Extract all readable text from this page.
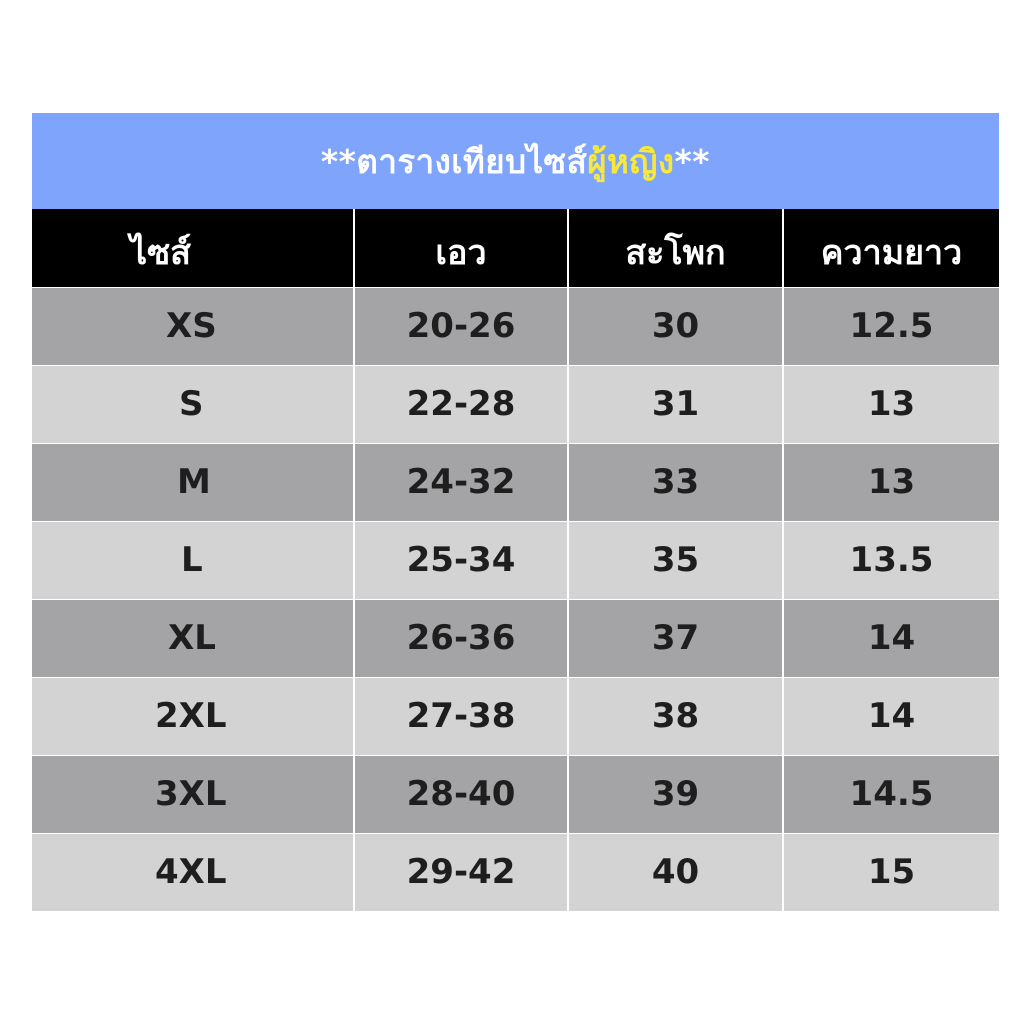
**ตารางเทียบไซส์ ผู้หญิง **
ไซส์	เอว	สะโพก	ความยาว
XS	20-26	30	12.5
S	22-28	31	13
M	24-32	33	13
L	25-34	35	13.5
XL	26-36	37	14
2XL	27-38	38	14
3XL	28-40	39	14.5
4XL	29-42	40	15
